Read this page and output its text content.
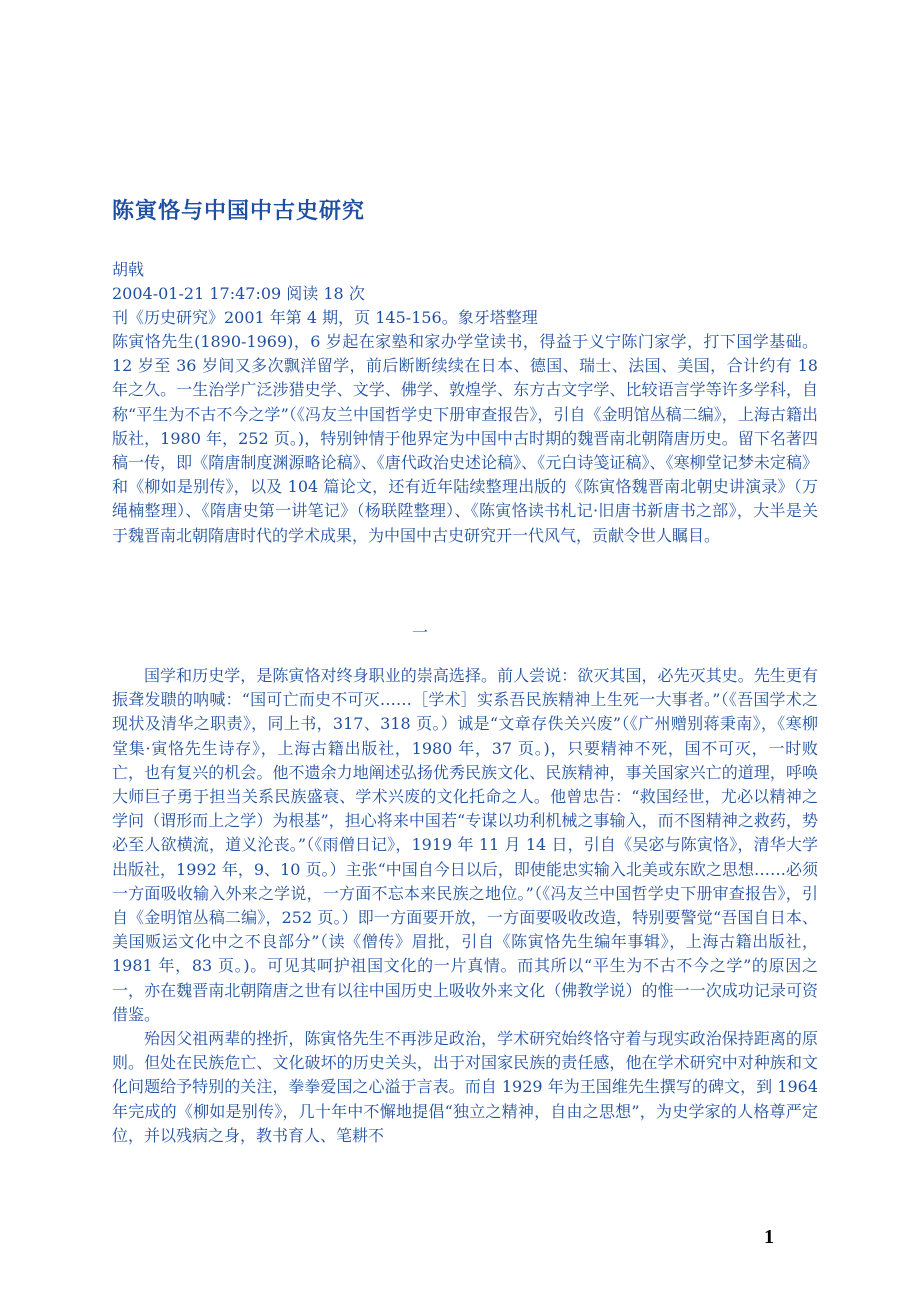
陈寅恪与中国中古史研究
胡戟
2004-01-21 17:47:09 阅读 18 次
刊《历史研究》2001 年第 4 期，页 145-156。象牙塔整理
陈寅恪先生(1890-1969)，6 岁起在家塾和家办学堂读书，得益于义宁陈门家学，打下国学基础。12 岁至 36 岁间又多次飘洋留学，前后断断续续在日本、德国、瑞士、法国、美国，合计约有 18 年之久。一生治学广泛涉猎史学、文学、佛学、敦煌学、东方古文字学、比较语言学等许多学科，自称“平生为不古不今之学”（《冯友兰中国哲学史下册审查报告》，引自《金明馆丛稿二编》，上海古籍出版社，1980 年，252 页。)，特别钟情于他界定为中国中古时期的魏晋南北朝隋唐历史。留下名著四稿一传，即《隋唐制度渊源略论稿》、《唐代政治史述论稿》、《元白诗笺证稿》、《寒柳堂记梦未定稿》和《柳如是别传》，以及 104 篇论文，还有近年陆续整理出版的《陈寅恪魏晋南北朝史讲演录》（万绳楠整理）、《隋唐史第一讲笔记》（杨联陞整理）、《陈寅恪读书札记·旧唐书新唐书之部》，大半是关于魏晋南北朝隋唐时代的学术成果，为中国中古史研究开一代风气，贡献令世人瞩目。
一

国学和历史学，是陈寅恪对终身职业的崇高选择。前人尝说：欲灭其国，必先灭其史。先生更有振聋发聩的呐喊：“国可亡而史不可灭……［学术］实系吾民族精神上生死一大事者。”（《吾国学术之现状及清华之职责》，同上书，317、318 页。）诚是“文章存佚关兴废”（《广州赠别蒋秉南》，《寒柳堂集·寅恪先生诗存》，上海古籍出版社，1980 年，37 页。)，只要精神不死，国不可灭，一时败亡，也有复兴的机会。他不遗余力地阐述弘扬优秀民族文化、民族精神，事关国家兴亡的道理，呼唤大师巨子勇于担当关系民族盛衰、学术兴废的文化托命之人。他曾忠告：“救国经世，尤必以精神之学问（谓形而上之学）为根基”，担心将来中国若“专谋以功利机械之事输入，而不图精神之救药，势必至人欲横流，道义沦丧。”（《雨僧日记》，1919 年 11 月 14 日，引自《吴宓与陈寅恪》，清华大学出版社，1992 年，9、10 页。）主张“中国自今日以后，即使能忠实输入北美或东欧之思想……必须一方面吸收输入外来之学说，一方面不忘本来民族之地位。”（《冯友兰中国哲学史下册审查报告》，引自《金明馆丛稿二编》，252 页。）即一方面要开放，一方面要吸收改造，特别要警觉“吾国自日本、美国贩运文化中之不良部分”（读《僧传》眉批，引自《陈寅恪先生编年事辑》，上海古籍出版社，1981 年，83 页。)。可见其呵护祖国文化的一片真情。而其所以“平生为不古不今之学”的原因之一，亦在魏晋南北朝隋唐之世有以往中国历史上吸收外来文化（佛教学说）的惟一一次成功记录可资借鉴。

殆因父祖两辈的挫折，陈寅恪先生不再涉足政治，学术研究始终恪守着与现实政治保持距离的原则。但处在民族危亡、文化破坏的历史关头，出于对国家民族的责任感，他在学术研究中对种族和文化问题给予特别的关注，拳拳爱国之心溢于言表。而自 1929 年为王国维先生撰写的碑文，到 1964 年完成的《柳如是别传》，几十年中不懈地提倡“独立之精神，自由之思想”，为史学家的人格尊严定位，并以残病之身，教书育人、笔耕不

1
